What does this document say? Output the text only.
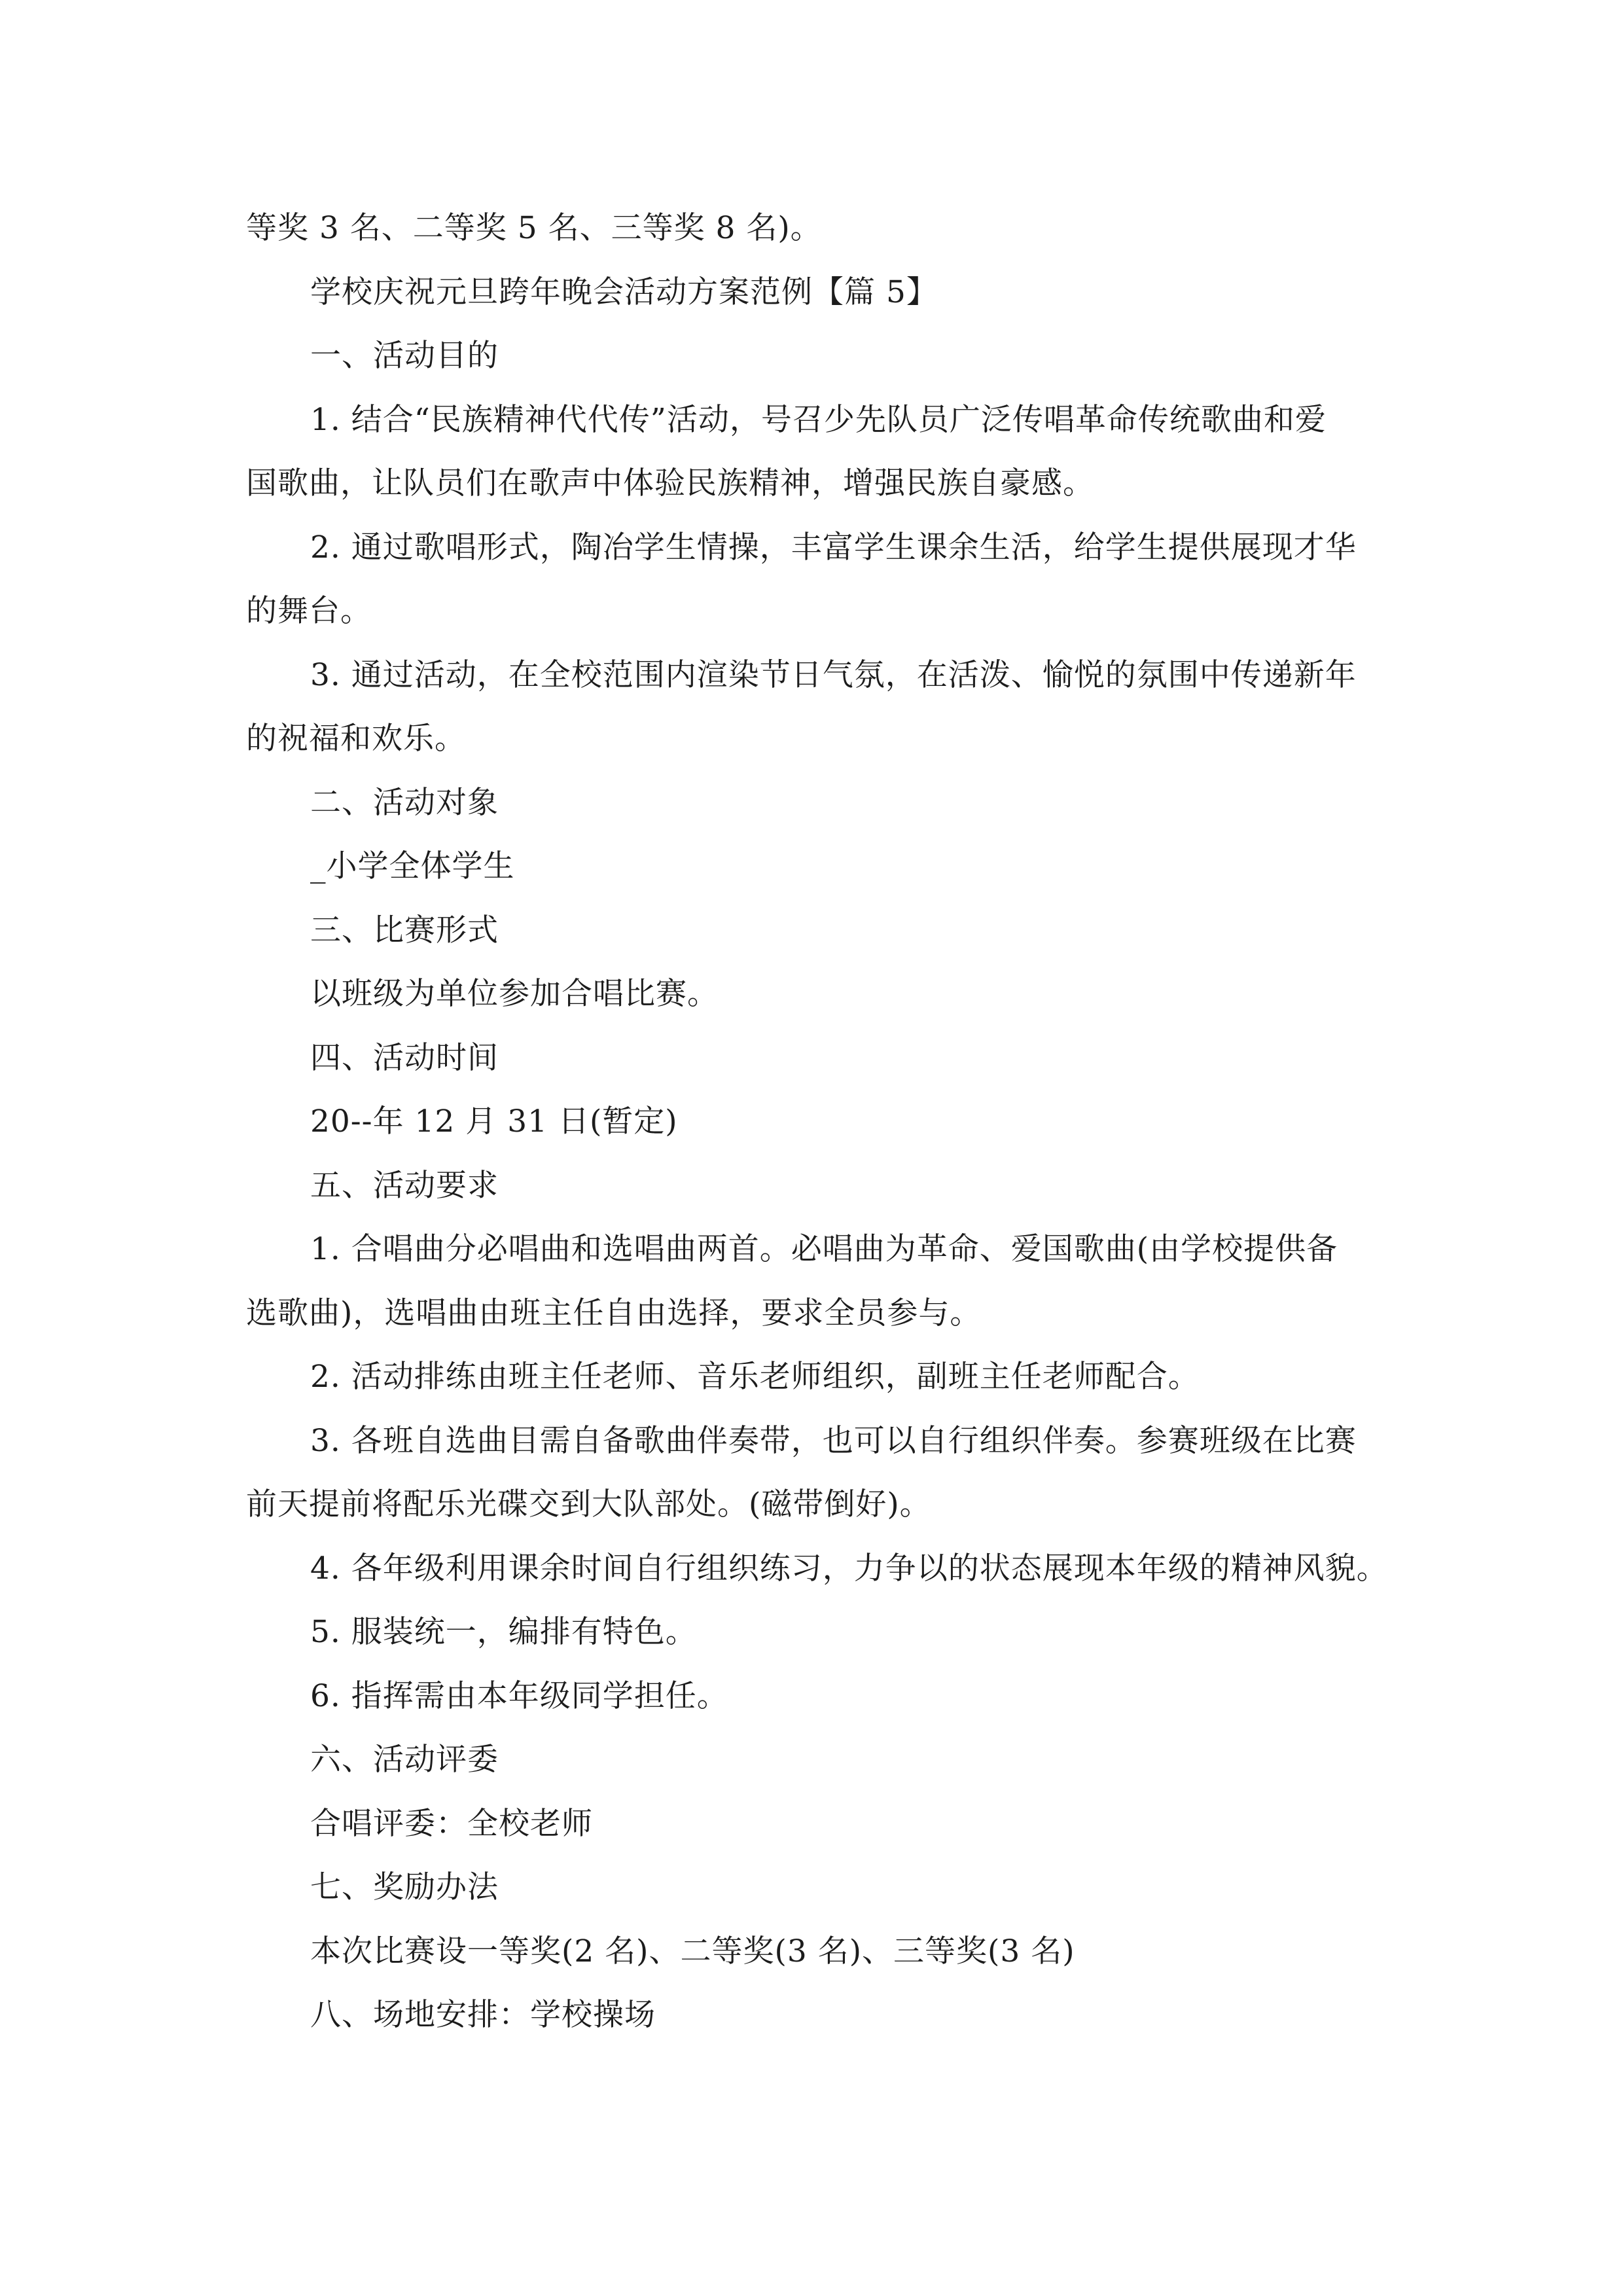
等奖 3 名、二等奖 5 名、三等奖 8 名)。
学校庆祝元旦跨年晚会活动方案范例【篇 5】
一、活动目的
1. 结合“民族精神代代传”活动，号召少先队员广泛传唱革命传统歌曲和爱
国歌曲，让队员们在歌声中体验民族精神，增强民族自豪感。
2. 通过歌唱形式，陶冶学生情操，丰富学生课余生活，给学生提供展现才华
的舞台。
3. 通过活动，在全校范围内渲染节日气氛，在活泼、愉悦的氛围中传递新年
的祝福和欢乐。
二、活动对象
_小学全体学生
三、比赛形式
以班级为单位参加合唱比赛。
四、活动时间
20--年 12 月 31 日(暂定)
五、活动要求
1. 合唱曲分必唱曲和选唱曲两首。必唱曲为革命、爱国歌曲(由学校提供备
选歌曲)，选唱曲由班主任自由选择，要求全员参与。
2. 活动排练由班主任老师、音乐老师组织，副班主任老师配合。
3. 各班自选曲目需自备歌曲伴奏带，也可以自行组织伴奏。参赛班级在比赛
前天提前将配乐光碟交到大队部处。(磁带倒好)。
4. 各年级利用课余时间自行组织练习，力争以的状态展现本年级的精神风貌。
5. 服装统一，编排有特色。
6. 指挥需由本年级同学担任。
六、活动评委
合唱评委：全校老师
七、奖励办法
本次比赛设一等奖(2 名)、二等奖(3 名)、三等奖(3 名)
八、场地安排：学校操场
